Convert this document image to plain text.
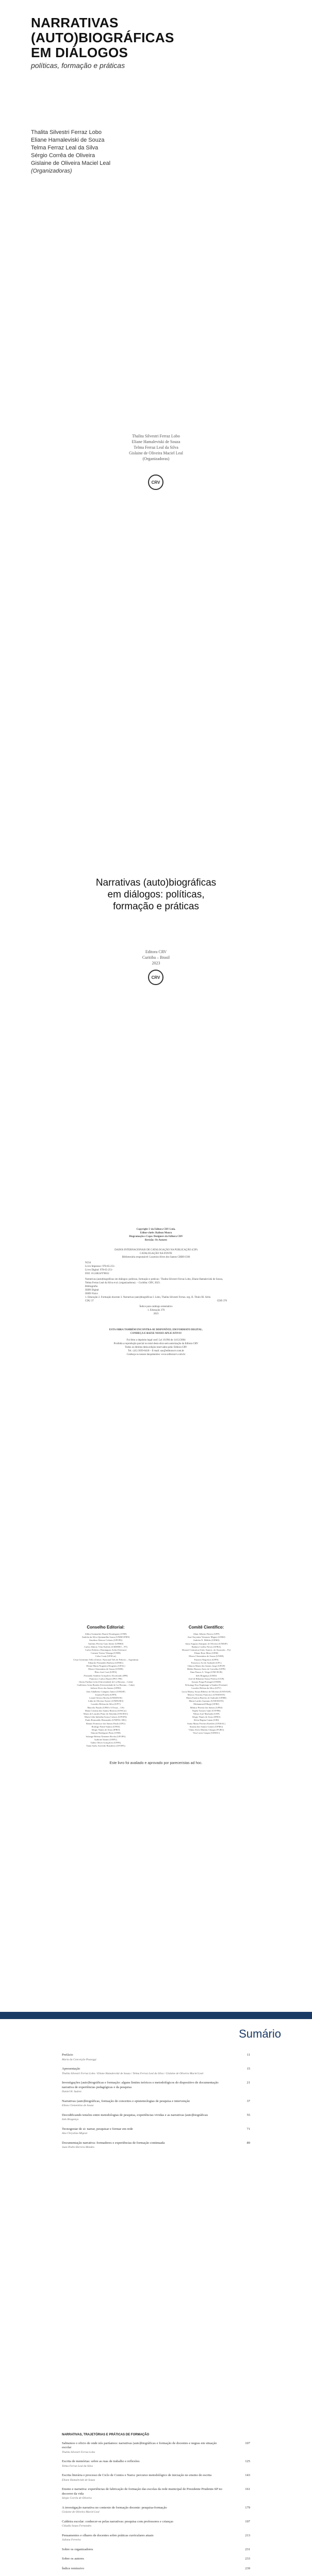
NARRATIVAS
(AUTO)BIOGRÁFICAS
EM DIÁLOGOS
políticas, formação e práticas
Thalita Silvestri Ferraz Lobo
Eliane Hamaleviski de Souza
Telma Ferraz Leal da Silva
Sérgio Corrêa de Oliveira
Gislaine de Oliveira Maciel Leal
(Organizadoras)
Thalita Silvestri Ferraz Lobo
Eliane Hamaleviski de Souza
Telma Ferraz Leal da Silva
Gislaine de Oliveira Maciel Leal
(Organizadoras)
CRV
Narrativas (auto)biográficas
em diálogos: políticas,
formação e práticas
Editora CRV
Curitiba – Brasil
2023
CRV
Copyright © da Editora CRV Ltda.
Editor-chefe: Railson Moura
Diagramação e Capa: Designers da Editora CRV
Revisão: Os Autores
DADOS INTERNACIONAIS DE CATALOGAÇÃO NA PUBLICAÇÃO (CIP)
CATALOGAÇÃO NA FONTE
Bibliotecária responsável: Luzenira Alves dos Santos CRB9/1506
N234
Livro Impresso: 978-65-251-
Livro Digital: 978-65-251-
DOI: 10.24824/978652
Narrativas (auto)biográficas em diálogos: políticas, formação e práticas / Thalita Silvestri Ferraz Lobo, Eliane Hamaleviski de Souza, Telma Ferraz Leal da Silva et al. (organizadoras). – Curitiba: CRV, 2023.
Bibliografia
ISBN Digital
ISBN Físico
1. Educação 2. Formação docente 3. Narrativas (auto)biográficas I. Lobo, Thalita Silvestri Ferraz. org. II. Título III. Série.
CDU 37	CDD 370
Índice para catálogo sistemático
1. Educação 370
2023
ESTA OBRA TAMBÉM ENCONTRA-SE DISPONÍVEL EM FORMATO DIGITAL.
CONHEÇA E BAIXE NOSSO APLICATIVO!
Foi feito o depósito legal conf. Lei 10.994 de 14/12/2004
Proibida a reprodução parcial ou total desta obra sem autorização da Editora CRV
Todos os direitos desta edição reservados pela: Editora CRV
Tel.: (41) 3039-6418 – E-mail: sac@editoracrv.com.br
Conheça os nossos lançamentos: www.editoracrv.com.br
Conselho Editorial:	Comitê Científico:
Aldira Guimarães Duarte Domínguez (UNB)
Andréia da Silva Quintanilha Sousa (UNIR/UFRN)
Anselmo Alencar Colares (UFOPA)
Antônio Pereira Gaio Júnior (UFRRJ)
Carlos Alberto Vilar Estêvão (UMINHO – PT)
Carlos Federico Dominguez Avila (Unieuro)
Carmen Tereza Velanga (UNIR)
Celso Conti (UFSCar)
Cesar Gerónimo Tello (Univer. Nacional Três de Febrero – Argentina)
Eduardo Fernandes Barbosa (UFMG)
Elione Maria Nogueira Diogenes (UFAL)
Elizeu Clementino de Souza (UNEB)
Élsio José Corá (UFFS)
Fernando Antônio Gonçalves Alcoforado (IPB)
Francisco Carlos Duarte (PUC-PR)
Gloria Fariñas León (Universidade de La Havana – Cuba)
Guillermo Arias Beatón (Universidade de La Havana – Cuba)
Jailson Alves dos Santos (UFRJ)
João Adalberto Campato Junior (UNESP)
Josania Portela (UFPI)
Leonel Severo Rocha (UNISINOS)
Lídia de Oliveira Xavier (UNIEURO)
Lourdes Helena da Silva (UFV)
Marcelo Paixão (UFRJ e UTexas – US)
Maria Cristina dos Santos Bezerra (UFSCar)
Maria de Lourdes Pinto de Almeida (UNOESC)
Maria Lília Imbiriba Sousa Colares (UFOPA)
Paulo Romualdo Hernandes (UNIFAL-MG)
Renato Francisco dos Santos Paula (UFG)
Rodrigo Pratte-Santos (UFES)
Sérgio Nunes de Jesus (IFRO)
Simone Rodrigues Pinto (UNB)
Solange Helena Ximenes-Rocha (UFOPA)
Sydione Santos (UEPG)
Tadeu Oliver Gonçalves (UFPA)
Tania Suely Azevedo Brasileiro (UFOPA)
Altair Alberto Fávero (UPF)
Ana Chrystina Venancio Mignot (UERJ)
Andréia N. Militão (UEMS)
Anna Augusta Sampaio de Oliveira (UNESP)
Barbara Coelho Neves (UFBA)
Diosnel Centurion (Univ Americ. de Asunción – Py)
Eliane Rose Maio (UEM)
Elizeu Clementino de Souza (UNEB)
Fauston Negreiros (UFPI)
Francisco Ari de Andrade (UFC)
Gláucia Maria dos Santos Jorge (UFOP)
Helder Buenos Aires de Carvalho (UFPI)
Ilma Passos A. Veiga (UNICEUB)
Inês Bragança (UERJ)
José de Ribamar Sousa Pereira (UCB)
Jussara Fraga Portugal (UNEB)
Kilwangy Kya Kapitango-a-Samba (Unemat)
Lourdes Helena da Silva (UFV)
Lucia Marisy Souza Ribeiro de Oliveira (UNIVASF)
Marcos Vinicius Francisco (UNOESTE)
Maria Eurácia Barreto de Andrade (UFRB)
Maria Lurdes Gazzano (UNIOESTE)
Mohammed Elhajji (UFRJ)
Mônica Pereira dos Santos (UFRJ)
Najela Tavares Ujiie (UTFPR)
Nilson José Machado (USP)
Sérgio Nunes de Jesus (IFRO)
Silvia Regina Canan (URI)
Sonia Maria Ferreira Koehler (UNISAL)
Suzana dos Santos Gomes (UFMG)
Vânia Alves Martins Chaigar (FURG)
Vera Lucia Gaspar (UDESC)
Este livro foi avaliado e aprovado por pareceristas ad hoc.
Sumário
Prefácio
Maria da Conceição Passeggi
11
Apresentação
Thalita Silvestri Ferraz Lobo / Eliane Hamaleviski de Souza / Telma Ferraz Leal da Silva / Gislaine de Oliveira Maciel Leal
15
Investigações (auto)biográficas e formação: alguns limites teóricos e metodológicos do dispositivo de documentação narrativa de experiências pedagógicas e da pesquisa
Daniel H. Suárez
21
Narrativas (auto)biográficas, formação de conceitos e epistemologias de pesquisa e intervenção
Elizeu Clementino de Souza
37
Decodificando tensões entre metodologias de pesquisa, experiências vividas e as narrativas (auto)biográficas
Inês Bragança
55
Tecnogestar de si: narrar, pesquisar e formar em rede
Ana Chrystina Mignot
71
Documentação narrativa: formadores e experiências de formação continuada
Juan Pedro Herrera Mendes
89
NARRATIVAS, TRAJETÓRIAS E PRÁTICAS DE FORMAÇÃO
Sabiamos o oficio de onde nós partíamos: narrativas (auto)biográficas e formação de docentes e negras em situação escolar
Thalita Silvestri Ferraz Lobo
107
Escrita de memórias: sobre as ruas de trabalho e reflexões
Telma Ferraz Leal da Silva
125
Escrita literária e processo de Ciclo de Contos e Narra: percurso metodológico de iniciação no ensino de escrita
Eliane Hamaleviski de Souza
143
Ensino e narrativa: experiências de fabricação de formação das escolas da rede municipal de Presidente Prudente-SP no decorrer da vida
Sérgio Corrêa de Oliveira
161
A investigação narrativa no contexto de formação docente: pesquisa-formação
Gislaine de Oliveira Maciel Leal
179
Caldeira escolar: conhecer-se pelas narrativas: pesquisa com professores e crianças
Cláudia Souza Fernandes
197
Pensamentos e olhares de docentes sobre práticas curriculares atuais
Juliana Ferreira
213
Sobre os organizadores	231
Sobre os autores	233
Índice remissivo	239
